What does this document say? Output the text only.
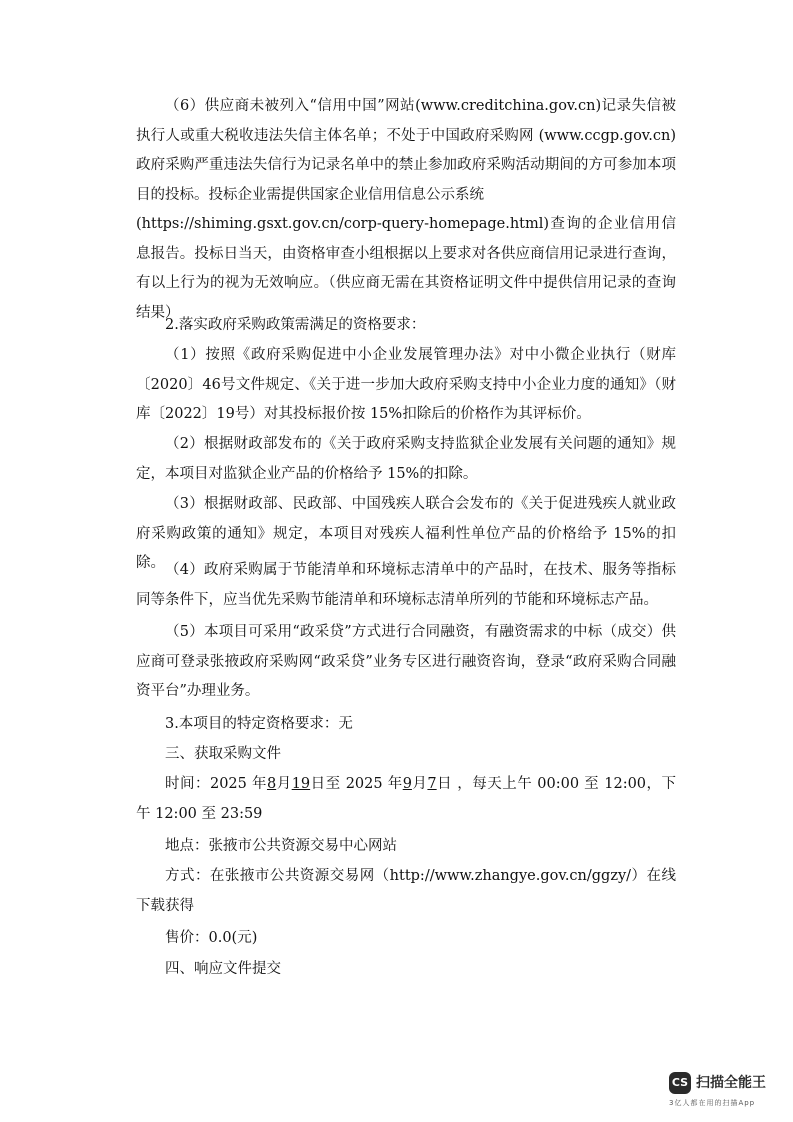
（6）供应商未被列入“信用中国”网站(www.creditchina.gov.cn)记录失信被执行人或重大税收违法失信主体名单；不处于中国政府采购网 (www.ccgp.gov.cn)政府采购严重违法失信行为记录名单中的禁止参加政府采购活动期间的方可参加本项目的投标。投标企业需提供国家企业信用信息公示系统

(https://shiming.gsxt.gov.cn/corp-query-homepage.html)查询的企业信用信息报告。投标日当天，由资格审查小组根据以上要求对各供应商信用记录进行查询，有以上行为的视为无效响应。（供应商无需在其资格证明文件中提供信用记录的查询结果）

2.落实政府采购政策需满足的资格要求：

（1）按照《政府采购促进中小企业发展管理办法》对中小微企业执行（财库〔2020〕46号文件规定、《关于进一步加大政府采购支持中小企业力度的通知》（财库〔2022〕19号）对其投标报价按 15%扣除后的价格作为其评标价。

（2）根据财政部发布的《关于政府采购支持监狱企业发展有关问题的通知》规定，本项目对监狱企业产品的价格给予 15%的扣除。

（3）根据财政部、民政部、中国残疾人联合会发布的《关于促进残疾人就业政府采购政策的通知》规定，本项目对残疾人福利性单位产品的价格给予 15%的扣除。 （4）政府采购属于节能清单和环境标志清单中的产品时，在技术、服务等指标同等条件下，应当优先采购节能清单和环境标志清单所列的节能和环境标志产品。

（5）本项目可采用“政采贷”方式进行合同融资，有融资需求的中标（成交）供应商可登录张掖政府采购网“政采贷”业务专区进行融资咨询，登录“政府采购合同融资平台”办理业务。

3.本项目的特定资格要求：无

三、获取采购文件

时间：2025 年8月19日至 2025 年9月7日 ，每天上午 00:00 至 12:00，下午 12:00 至 23:59

地点：张掖市公共资源交易中心网站

方式：在张掖市公共资源交易网（http://www.zhangye.gov.cn/ggzy/）在线下载获得

售价：0.0(元)

四、响应文件提交

CS 扫描全能王
3亿人都在用的扫描App
